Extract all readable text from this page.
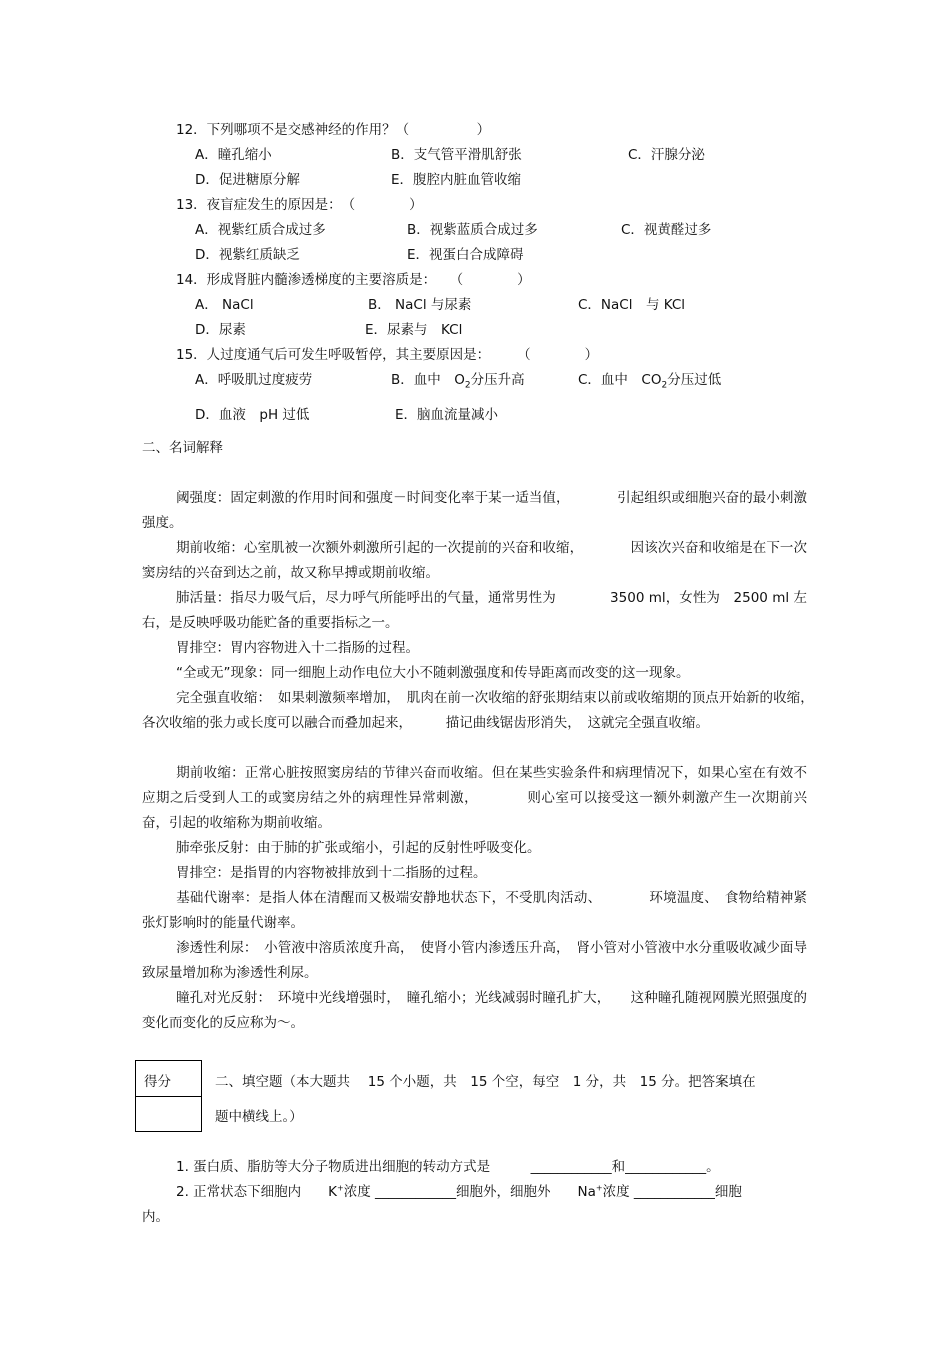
12．下列哪项不是交感神经的作用？（　　　　　）
A．瞳孔缩小	B．支气管平滑肌舒张	C．汗腺分泌
D．促进糖原分解	E．腹腔内脏血管收缩
13．夜盲症发生的原因是：　（　　　　）
A．视紫红质合成过多	B．视紫蓝质合成过多	C．视黄醛过多
D．视紫红质缺乏	E．视蛋白合成障碍
14．形成肾脏内髓渗透梯度的主要溶质是：　　（　　　　）
A． NaCl	B． NaCl 与尿素	C．NaCl　与 KCl
D．尿素	E．尿素与　KCl
15．人过度通气后可发生呼吸暂停，其主要原因是：　　　（　　　　）
A．呼吸肌过度疲劳	B．血中　$O_2$分压升高	C．血中　$CO_2$分压过低
D．血液　pH 过低	E．脑血流量减小
二、名词解释
阈强度：固定刺激的作用时间和强度－时间变化率于某一适当值，　　　　引起组织或细胞兴奋的最小刺激强度。
期前收缩：心室肌被一次额外刺激所引起的一次提前的兴奋和收缩，　　　　因该次兴奋和收缩是在下一次窦房结的兴奋到达之前，故又称早搏或期前收缩。
肺活量：指尽力吸气后，尽力呼气所能呼出的气量，通常男性为　　　　3500 ml，女性为　2500 ml 左右，是反映呼吸功能贮备的重要指标之一。
胃排空：胃内容物进入十二指肠的过程。
“全或无”现象：同一细胞上动作电位大小不随刺激强度和传导距离而改变的这一现象。
完全强直收缩：　如果刺激频率增加，　肌肉在前一次收缩的舒张期结束以前或收缩期的顶点开始新的收缩，　各次收缩的张力或长度可以融合而叠加起来，　　　描记曲线锯齿形消失，　这就完全强直收缩。
期前收缩：正常心脏按照窦房结的节律兴奋而收缩。但在某些实验条件和病理情况下，如果心室在有效不应期之后受到人工的或窦房结之外的病理性异常刺激，　　　　则心室可以接受这一额外刺激产生一次期前兴奋，引起的收缩称为期前收缩。
肺牵张反射：由于肺的扩张或缩小，引起的反射性呼吸变化。
胃排空：是指胃的内容物被排放到十二指肠的过程。
基础代谢率：是指人体在清醒而又极端安静地状态下，不受肌肉活动、　　　　环境温度、　食物给精神紧张灯影响时的能量代谢率。
渗透性利尿：　小管液中溶质浓度升高，　使肾小管内渗透压升高，　肾小管对小管液中水分重吸收减少面导致尿量增加称为渗透性利尿。
瞳孔对光反射：　环境中光线增强时，　瞳孔缩小；光线减弱时瞳孔扩大，　　这种瞳孔随视网膜光照强度的变化而变化的反应称为～。
得分	二、填空题（本大题共　 15 个小题，共　15 个空，每空　1 分，共　15 分。把答案填在
题中横线上。）
1. 蛋白质、脂肪等大分子物质进出细胞的转动方式是　　　____________和____________。
2. 正常状态下细胞内　　K+浓度 ____________细胞外，细胞外　　Na+浓度 ____________细胞
内。
